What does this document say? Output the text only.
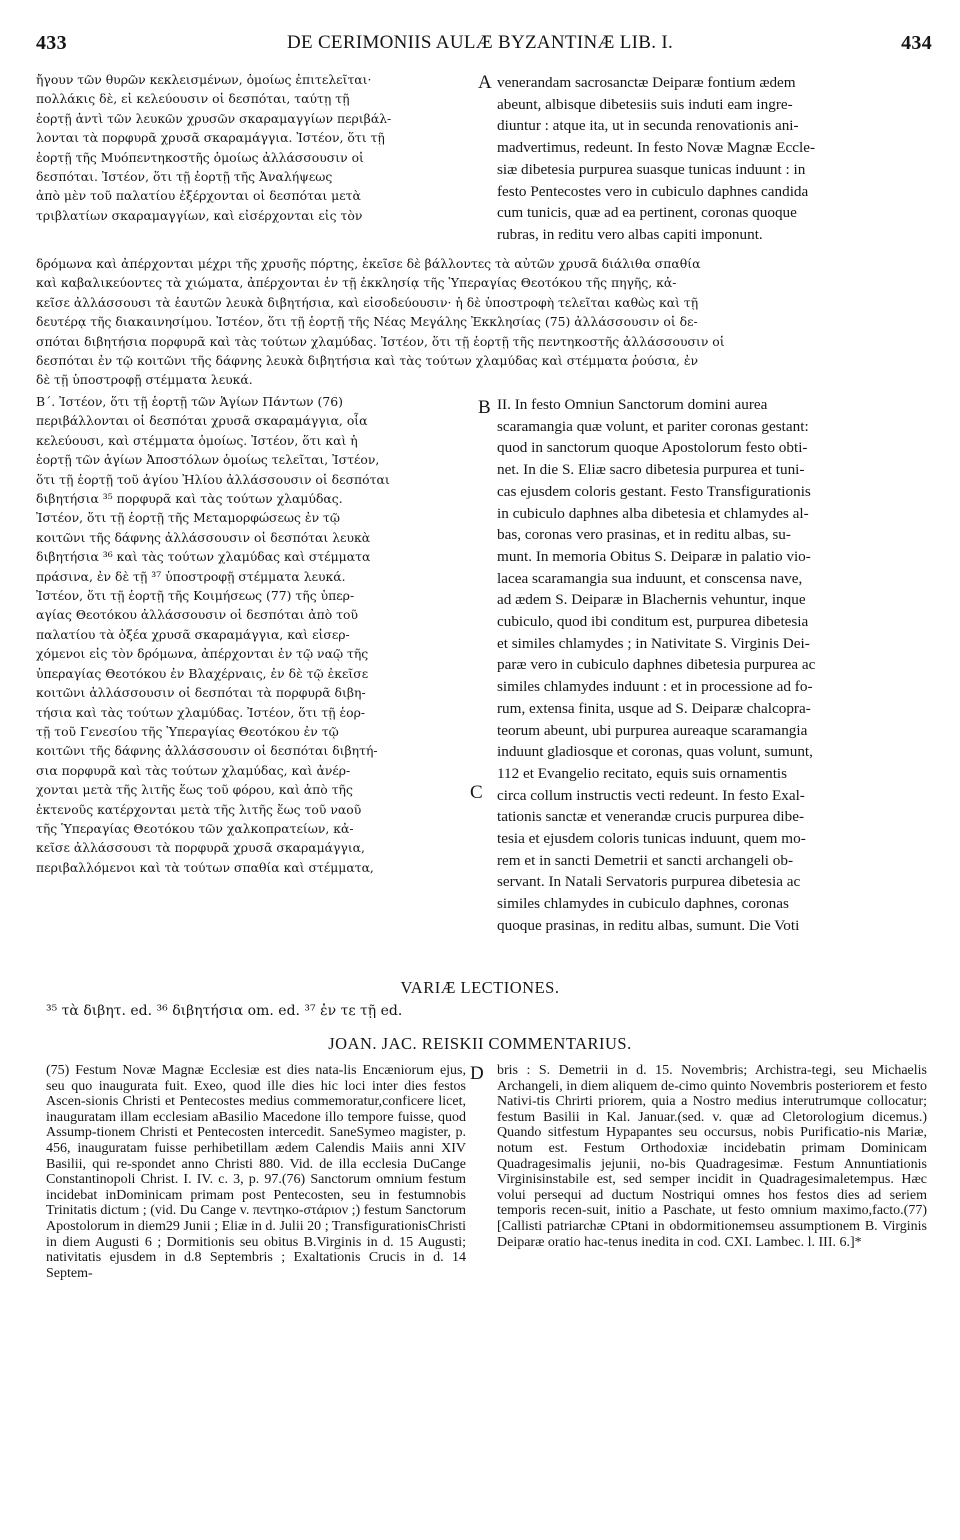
433	DE CERIMONIIS AULÆ BYZANTINÆ LIB. I.	434
ἤγουν τῶν θυρῶν κεκλεισμένων, ὁμοίως ἐπιτελεῖται·
πολλάκις δὲ, εἰ κελεύουσιν οἱ δεσπόται, ταύτῃ τῇ
ἑορτῇ ἀντὶ τῶν λευκῶν χρυσῶν σκαραμαγγίων περιβάλ-
λονται τὰ πορφυρᾶ χρυσᾶ σκαραμάγγια. Ἰστέον, ὅτι τῇ
ἑορτῇ τῆς Μυόπεντηκοστῆς ὁμοίως ἀλλάσσουσιν οἱ
δεσπόται. Ἰστέον, ὅτι τῇ ἑορτῇ τῆς Ἀναλήψεως
ἀπὸ μὲν τοῦ παλατίου ἐξέρχονται οἱ δεσπόται μετὰ
τριβλατίων σκαραμαγγίων, καὶ εἰσέρχονται εἰς τὸν
A venerandam sacrosanctæ Deiparæ fontium ædem
abeunt, albisque dibetesiis suis induti eam ingre-
diuntur : atque ita, ut in secunda renovationis ani-
madvertimus, redeunt. In festo Novæ Magnæ Eccle-
siæ dibetesia purpurea suasque tunicas induunt : in
festo Pentecostes vero in cubiculo daphnes candida
cum tunicis, quæ ad ea pertinent, coronas quoque
rubras, in reditu vero albas capiti imponunt.
δρόμωνα καὶ ἀπέρχονται μέχρι τῆς χρυσῆς πόρτης, ἐκεῖσε δὲ βάλλοντες τὰ αὐτῶν χρυσᾶ διάλιθα σπαθία
καὶ καβαλικεύοντες τὰ χιώματα, ἀπέρχονται ἐν τῇ ἐκκλησίᾳ τῆς Ὑπεραγίας Θεοτόκου τῆς πηγῆς, κἀ-
κεῖσε ἀλλάσσουσι τὰ ἑαυτῶν λευκὰ διβητήσια, καὶ εἰσοδεύουσιν· ἡ δὲ ὑποστροφὴ τελεῖται καθὼς καὶ τῇ
δευτέρᾳ τῆς διακαινησίμου. Ἰστέον, ὅτι τῇ ἑορτῇ τῆς Νέας Μεγάλης Ἐκκλησίας (75) ἀλλάσσουσιν οἱ δε-
σπόται διβητήσια πορφυρᾶ καὶ τὰς τούτων χλαμύδας. Ἰστέον, ὅτι τῇ ἑορτῇ τῆς πεντηκοστῆς ἀλλάσσουσιν οἱ
δεσπόται ἐν τῷ κοιτῶνι τῆς δάφνης λευκὰ διβητήσια καὶ τὰς τούτων χλαμύδας καὶ στέμματα ῥούσια, ἐν
δὲ τῇ ὑποστροφῇ στέμματα λευκά.
Β΄. Ἰστέον, ὅτι τῇ ἑορτῇ τῶν Ἁγίων Πάντων (76)
περιβάλλονται οἱ δεσπόται χρυσᾶ σκαραμάγγια, οἷα
κελεύουσι, καὶ στέμματα ὁμοίως. Ἰστέον, ὅτι καὶ ἡ
ἑορτῇ τῶν ἁγίων Ἀποστόλων ὁμοίως τελεῖται, Ἰστέον,
ὅτι τῇ ἑορτῇ τοῦ ἁγίου Ἠλίου ἀλλάσσουσιν οἱ δεσπόται
διβητήσια ³⁵ πορφυρᾶ καὶ τὰς τούτων χλαμύδας.
Ἰστέον, ὅτι τῇ ἑορτῇ τῆς Μεταμορφώσεως ἐν τῷ
κοιτῶνι τῆς δάφνης ἀλλάσσουσιν οἱ δεσπόται λευκὰ
διβητήσια ³⁶ καὶ τὰς τούτων χλαμύδας καὶ στέμματα
πράσινα, ἐν δὲ τῇ ³⁷ ὑποστροφῇ στέμματα λευκά.
Ἰστέον, ὅτι τῇ ἑορτῇ τῆς Κοιμήσεως (77) τῆς ὑπερ-
αγίας Θεοτόκου ἀλλάσσουσιν οἱ δεσπόται ἀπὸ τοῦ
παλατίου τὰ ὀξέα χρυσᾶ σκαραμάγγια, καὶ εἰσερ-
χόμενοι εἰς τὸν δρόμωνα, ἀπέρχονται ἐν τῷ ναῷ τῆς
ὑπεραγίας Θεοτόκου ἐν Βλαχέρναις, ἐν δὲ τῷ ἐκεῖσε
κοιτῶνι ἀλλάσσουσιν οἱ δεσπόται τὰ πορφυρᾶ διβη-
τήσια καὶ τὰς τούτων χλαμύδας. Ἰστέον, ὅτι τῇ ἑορ-
τῇ τοῦ Γενεσίου τῆς Ὑπεραγίας Θεοτόκου ἐν τῷ
κοιτῶνι τῆς δάφνης ἀλλάσσουσιν οἱ δεσπόται διβητή-
σια πορφυρᾶ καὶ τὰς τούτων χλαμύδας, καὶ ἀνέρ-
χονται μετὰ τῆς λιτῆς ἕως τοῦ φόρου, καὶ ἀπὸ τῆς
ἐκτενοῦς κατέρχονται μετὰ τῆς λιτῆς ἕως τοῦ ναοῦ
τῆς Ὑπεραγίας Θεοτόκου τῶν χαλκοπρατείων, κἀ-
κεῖσε ἀλλάσσουσι τὰ πορφυρᾶ χρυσᾶ σκαραμάγγια,
περιβαλλόμενοι καὶ τὰ τούτων σπαθία καὶ στέμματα,
B
C
II. In festo Omniun Sanctorum domini aurea
scaramangia quæ volunt, et pariter coronas gestant:
quod in sanctorum quoque Apostolorum festo obti-
net. In die S. Eliæ sacro dibetesia purpurea et tuni-
cas ejusdem coloris gestant. Festo Transfigurationis
in cubiculo daphnes alba dibetesia et chlamydes al-
bas, coronas vero prasinas, et in reditu albas, su-
munt. In memoria Obitus S. Deiparæ in palatio vio-
lacea scaramangia sua induunt, et conscensa nave,
ad ædem S. Deiparæ in Blachernis vehuntur, inque
cubiculo, quod ibi conditum est, purpurea dibetesia
et similes chlamydes ; in Nativitate S. Virginis Dei-
paræ vero in cubiculo daphnes dibetesia purpurea ac
similes chlamydes induunt : et in processione ad fo-
rum, extensa finita, usque ad S. Deiparæ chalcopra-
teorum abeunt, ubi purpurea aureaque scaramangia
induunt gladiosque et coronas, quas volunt, sumunt,
112 et Evangelio recitato, equis suis ornamentis
circa collum instructis vecti redeunt. In festo Exal-
tationis sanctæ et venerandæ crucis purpurea dibe-
tesia et ejusdem coloris tunicas induunt, quem mo-
rem et in sancti Demetrii et sancti archangeli ob-
servant. In Natali Servatoris purpurea dibetesia ac
similes chlamydes in cubiculo daphnes, coronas
quoque prasinas, in reditu albas, sumunt. Die Voti
VARIÆ LECTIONES.
³⁵ τὰ διβητ. ed. ³⁶ διβητήσια om. ed. ³⁷ ἐν τε τῇ ed.
JOAN. JAC. REISKII COMMENTARIUS.
(75) Festum Novæ Magnæ Ecclesiæ est dies nata-lis Encæniorum ejus, seu quo inaugurata fuit. Exeo, quod ille dies hic loci inter dies festos Ascen-sionis Christi et Pentecostes medius commemoratur,conficere licet, inauguratam illam ecclesiam aBasilio Macedone illo tempore fuisse, quod Assump-tionem Christi et Pentecosten intercedit. SaneSymeo magister, p. 456, inauguratam fuisse perhibetillam ædem Calendis Maiis anni XIV Basilii, qui re-spondet anno Christi 880. Vid. de illa ecclesia DuCange Constantinopoli Christ. I. IV. c. 3, p. 97.(76) Sanctorum omnium festum incidebat inDominicam primam post Pentecosten, seu in festumnobis Trinitatis dictum ; (vid. Du Cange v. πεντηκο-στάριον ;) festum Sanctorum Apostolorum in diem29 Junii ; Eliæ in d. Julii 20 ; TransfigurationisChristi in diem Augusti 6 ; Dormitionis seu obitus B.Virginis in d. 15 Augusti; nativitatis ejusdem in d.8 Septembris ; Exaltationis Crucis in d. 14 Septem-
D bris : S. Demetrii in d. 15. Novembris; Archistra-tegi, seu Michaelis Archangeli, in diem aliquem de-cimo quinto Novembris posteriorem et festo Nativi-tis Chrirti priorem, quia a Nostro medius interutrumque collocatur; festum Basilii in Kal. Januar.(sed. v. quæ ad Cletorologium dicemus.) Quando sitfestum Hypapantes seu occursus, nobis Purificatio-nis Mariæ, notum est. Festum Orthodoxiæ incidebatin primam Dominicam Quadragesimalis jejunii, no-bis Quadragesimæ. Festum Annuntiationis Virginisinstabile est, sed semper incidit in Quadragesimaletempus. Hæc volui persequi ad ductum Nostriqui omnes hos festos dies ad seriem temporis recen-suit, initio a Paschate, ut festo omnium maximo,facto.(77) [Callisti patriarchæ CPtani in obdormitionemseu assumptionem B. Virginis Deiparæ oratio hac-tenus inedita in cod. CXI. Lambec. l. III. 6.]*
